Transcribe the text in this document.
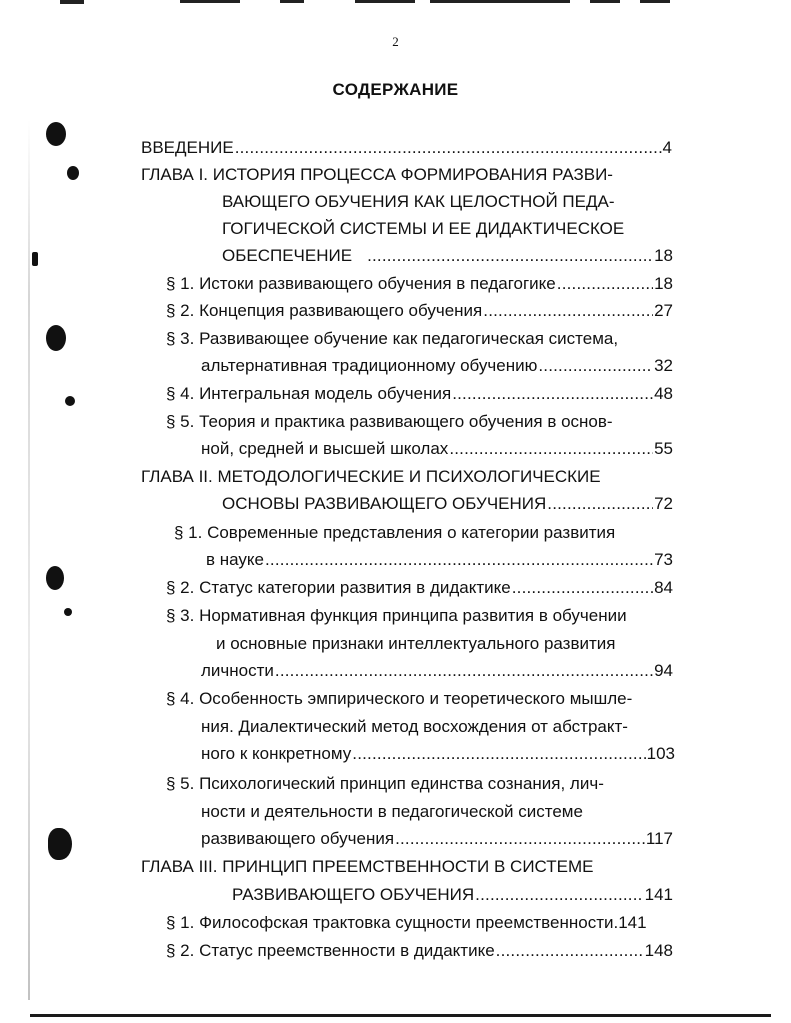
2
СОДЕРЖАНИЕ
ВВЕДЕНИЕ .....	4
ГЛАВА I. ИСТОРИЯ ПРОЦЕССА ФОРМИРОВАНИЯ РАЗВИ-
ВАЮЩЕГО ОБУЧЕНИЯ КАК ЦЕЛОСТНОЙ ПЕДА-
ГОГИЧЕСКОЙ СИСТЕМЫ И ЕЕ ДИДАКТИЧЕСКОЕ
ОБЕСПЕЧЕНИЕ .....	18
§ 1. Истоки развивающего обучения в педагогике .....	18
§ 2. Концепция развивающего обучения .....	27
§ 3. Развивающее обучение как педагогическая система,
альтернативная традиционному обучению .....	32
§ 4. Интегральная модель обучения .....	48
§ 5. Теория и практика развивающего обучения в основ-
ной, средней и высшей школах .....	55
ГЛАВА II. МЕТОДОЛОГИЧЕСКИЕ И ПСИХОЛОГИЧЕСКИЕ
ОСНОВЫ РАЗВИВАЮЩЕГО ОБУЧЕНИЯ .....	72
§ 1. Современные представления о категории развития
в науке .....	73
§ 2. Статус категории развития в дидактике .....	84
§ 3. Нормативная функция принципа развития в обучении
и основные признаки интеллектуального развития
личности .....	94
§ 4. Особенность эмпирического и теоретического мышле-
ния. Диалектический метод восхождения от абстракт-
ного к конкретному .....	103
§ 5. Психологический принцип единства сознания, лич-
ности и деятельности в педагогической системе
развивающего обучения .....	117
ГЛАВА III. ПРИНЦИП ПРЕЕМСТВЕННОСТИ В СИСТЕМЕ
РАЗВИВАЮЩЕГО ОБУЧЕНИЯ .....	141
§ 1. Философская трактовка сущности преемственности. 141
§ 2. Статус преемственности в дидактике .....	148
